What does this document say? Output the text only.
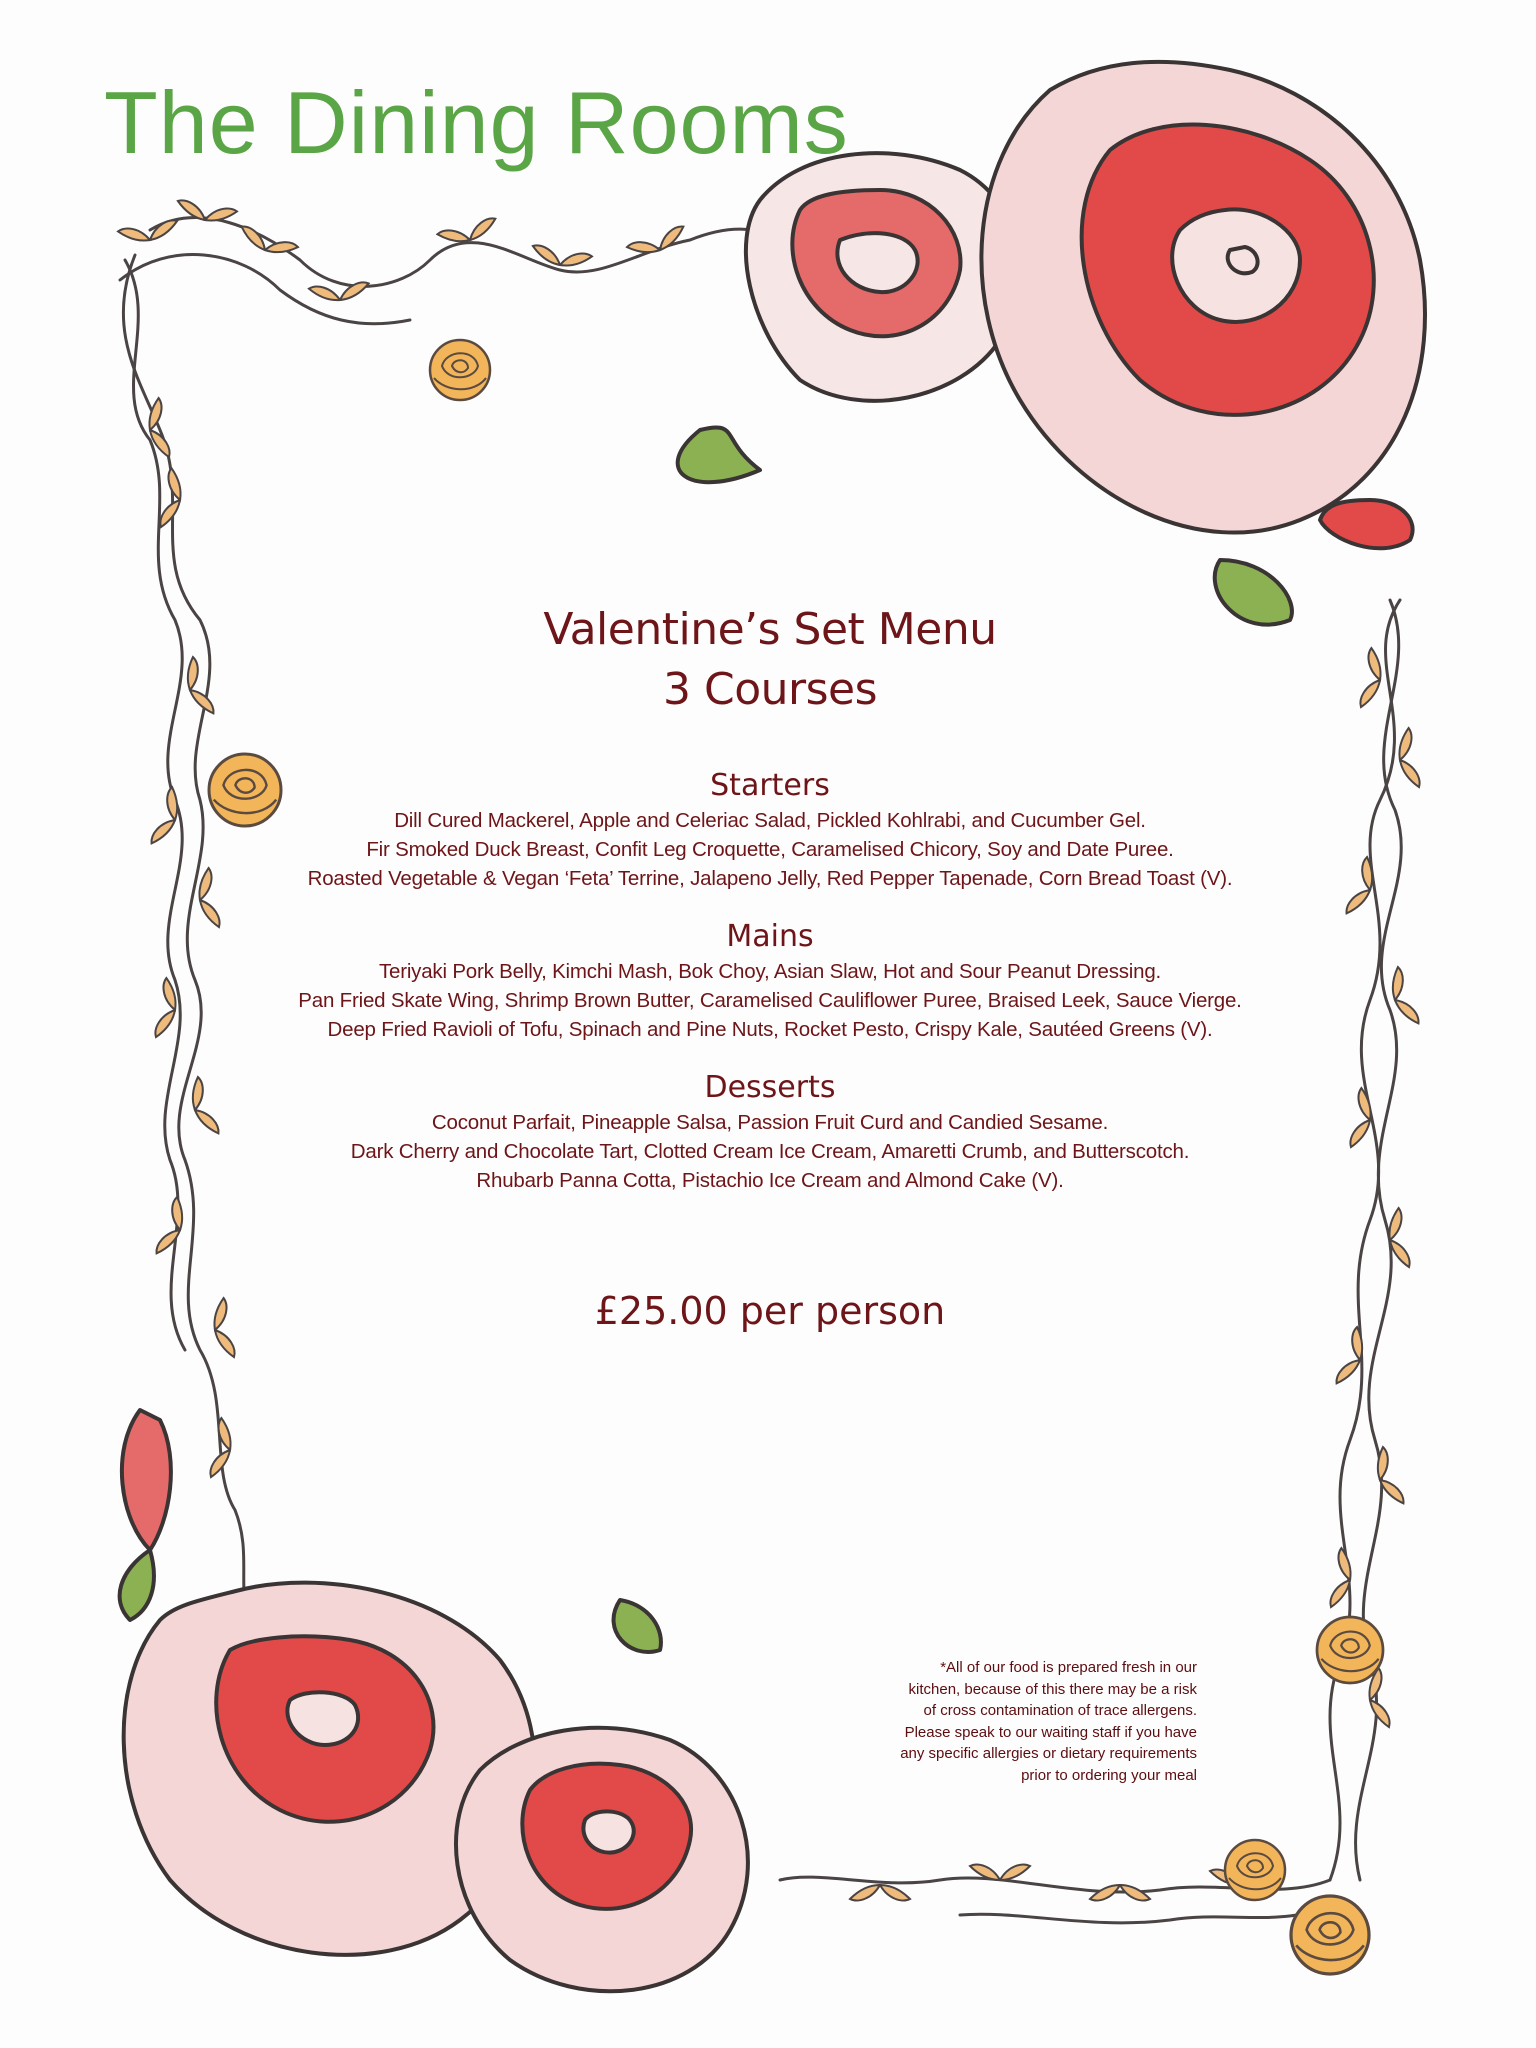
The Dining Rooms
Valentine’s Set Menu
3 Courses
Starters

Dill Cured Mackerel, Apple and Celeriac Salad, Pickled Kohlrabi, and Cucumber Gel.

Fir Smoked Duck Breast, Confit Leg Croquette, Caramelised Chicory, Soy and Date Puree.

Roasted Vegetable & Vegan ‘Feta’ Terrine, Jalapeno Jelly, Red Pepper Tapenade, Corn Bread Toast (V).

Mains

Teriyaki Pork Belly, Kimchi Mash, Bok Choy, Asian Slaw, Hot and Sour Peanut Dressing.

Pan Fried Skate Wing, Shrimp Brown Butter, Caramelised Cauliflower Puree, Braised Leek, Sauce Vierge.

Deep Fried Ravioli of Tofu, Spinach and Pine Nuts, Rocket Pesto, Crispy Kale, Sautéed Greens (V).

Desserts

Coconut Parfait, Pineapple Salsa, Passion Fruit Curd and Candied Sesame.

Dark Cherry and Chocolate Tart, Clotted Cream Ice Cream, Amaretti Crumb, and Butterscotch.

Rhubarb Panna Cotta, Pistachio Ice Cream and Almond Cake (V).

£25.00 per person

*All of our food is prepared fresh in our

kitchen, because of this there may be a risk

of cross contamination of trace allergens.

Please speak to our waiting staff if you have

any specific allergies or dietary requirements

prior to ordering your meal
